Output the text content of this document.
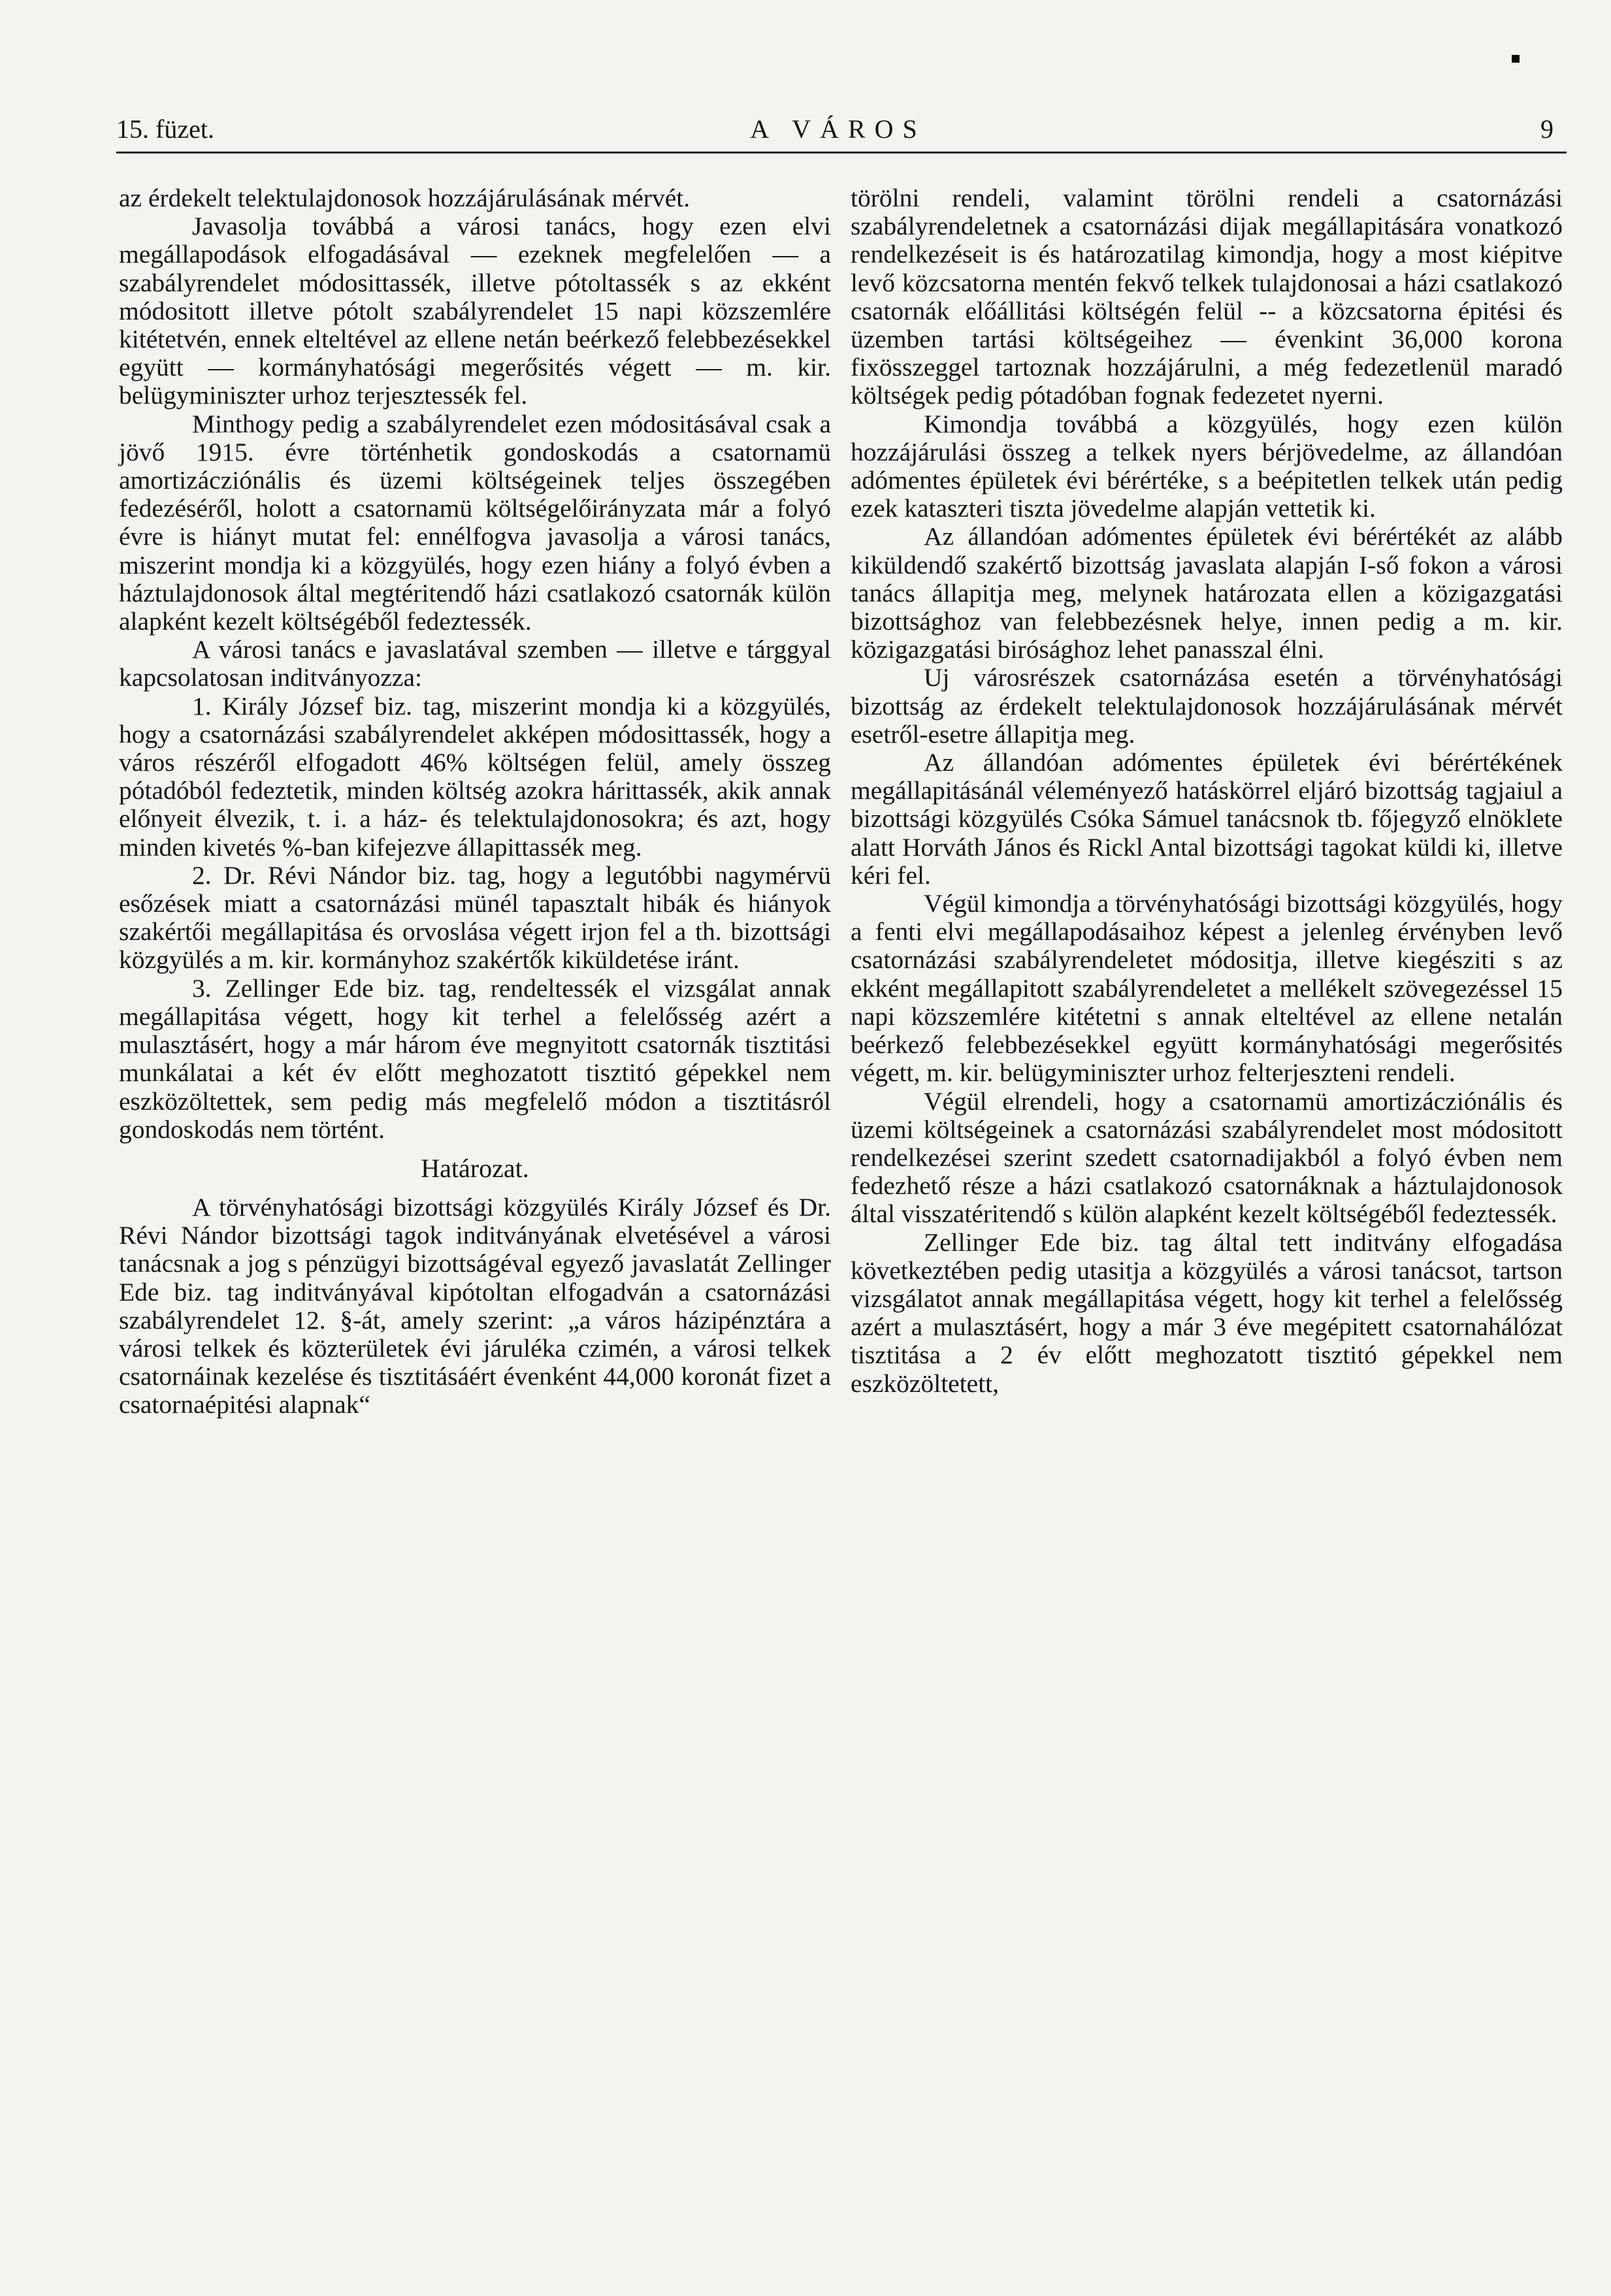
15. füzet.	A VÁROS	9

az érdekelt telektulajdonosok hozzájárulásának mérvét.

Javasolja továbbá a városi tanács, hogy ezen elvi megállapodások elfogadásával — ezeknek megfelelően — a szabályrendelet módosittassék, illetve pótoltassék s az ekként módositott illetve pótolt szabályrendelet 15 napi közszemlére kitétetvén, ennek elteltével az ellene netán beérkező felebbezésekkel együtt — kormányhatósági megerősités végett — m. kir. belügyminiszter urhoz terjesztessék fel.

Minthogy pedig a szabályrendelet ezen módositásával csak a jövő 1915. évre történhetik gondoskodás a csatornamü amortizácziónális és üzemi költségeinek teljes összegében fedezéséről, holott a csatornamü költségelőirányzata már a folyó évre is hiányt mutat fel: ennélfogva javasolja a városi tanács, miszerint mondja ki a közgyülés, hogy ezen hiány a folyó évben a háztulajdonosok által megtéritendő házi csatlakozó csatornák külön alapként kezelt költségéből fedeztessék.

A városi tanács e javaslatával szemben — illetve e tárggyal kapcsolatosan inditványozza:

1. Király József biz. tag, miszerint mondja ki a közgyülés, hogy a csatornázási szabályrendelet akképen módosittassék, hogy a város részéről elfogadott 46% költségen felül, amely összeg pótadóból fedeztetik, minden költség azokra hárittassék, akik annak előnyeit élvezik, t. i. a ház- és telektulajdonosokra; és azt, hogy minden kivetés %-ban kifejezve állapittassék meg.

2. Dr. Révi Nándor biz. tag, hogy a legutóbbi nagymérvü esőzések miatt a csatornázási münél tapasztalt hibák és hiányok szakértői megállapitása és orvoslása végett irjon fel a th. bizottsági közgyülés a m. kir. kormányhoz szakértők kiküldetése iránt.

3. Zellinger Ede biz. tag, rendeltessék el vizsgálat annak megállapitása végett, hogy kit terhel a felelősség azért a mulasztásért, hogy a már három éve megnyitott csatornák tisztitási munkálatai a két év előtt meghozatott tisztitó gépekkel nem eszközöltettek, sem pedig más megfelelő módon a tisztitásról gondoskodás nem történt.

Határozat.

A törvényhatósági bizottsági közgyülés Király József és Dr. Révi Nándor bizottsági tagok inditványának elvetésével a városi tanácsnak a jog s pénzügyi bizottságéval egyező javaslatát Zellinger Ede biz. tag inditványával kipótoltan elfogadván a csatornázási szabályrendelet 12. §-át, amely szerint: „a város házipénztára a városi telkek és közterületek évi járuléka czimén, a városi telkek csatornáinak kezelése és tisztitásáért évenként 44,000 koronát fizet a csatornaépitési alapnak“

törölni rendeli, valamint törölni rendeli a csatornázási szabályrendeletnek a csatornázási dijak megállapitására vonatkozó rendelkezéseit is és határozatilag kimondja, hogy a most kiépitve levő közcsatorna mentén fekvő telkek tulajdonosai a házi csatlakozó csatornák előállitási költségén felül -- a közcsatorna épitési és üzemben tartási költségeihez — évenkint 36,000 korona fixösszeggel tartoznak hozzájárulni, a még fedezetlenül maradó költségek pedig pótadóban fognak fedezetet nyerni.

Kimondja továbbá a közgyülés, hogy ezen külön hozzájárulási összeg a telkek nyers bérjövedelme, az állandóan adómentes épületek évi bérértéke, s a beépitetlen telkek után pedig ezek kataszteri tiszta jövedelme alapján vettetik ki.

Az állandóan adómentes épületek évi bérértékét az alább kiküldendő szakértő bizottság javaslata alapján I-ső fokon a városi tanács állapitja meg, melynek határozata ellen a közigazgatási bizottsághoz van felebbezésnek helye, innen pedig a m. kir. közigazgatási birósághoz lehet panasszal élni.

Uj városrészek csatornázása esetén a törvényhatósági bizottság az érdekelt telektulajdonosok hozzájárulásának mérvét esetről-esetre állapitja meg.

Az állandóan adómentes épületek évi bérértékének megállapitásánál véleményező hatáskörrel eljáró bizottság tagjaiul a bizottsági közgyülés Csóka Sámuel tanácsnok tb. főjegyző elnöklete alatt Horváth János és Rickl Antal bizottsági tagokat küldi ki, illetve kéri fel.

Végül kimondja a törvényhatósági bizottsági közgyülés, hogy a fenti elvi megállapodásaihoz képest a jelenleg érvényben levő csatornázási szabályrendeletet módositja, illetve kiegésziti s az ekként megállapitott szabályrendeletet a mellékelt szövegezéssel 15 napi közszemlére kitétetni s annak elteltével az ellene netalán beérkező felebbezésekkel együtt kormányhatósági megerősités végett, m. kir. belügyminiszter urhoz felterjeszteni rendeli.

Végül elrendeli, hogy a csatornamü amortizácziónális és üzemi költségeinek a csatornázási szabályrendelet most módositott rendelkezései szerint szedett csatornadijakból a folyó évben nem fedezhető része a házi csatlakozó csatornáknak a háztulajdonosok által visszatéritendő s külön alapként kezelt költségéből fedeztessék.

Zellinger Ede biz. tag által tett inditvány elfogadása következtében pedig utasitja a közgyülés a városi tanácsot, tartson vizsgálatot annak megállapitása végett, hogy kit terhel a felelősség azért a mulasztásért, hogy a már 3 éve megépitett csatornahálózat tisztitása a 2 év előtt meghozatott tisztitó gépekkel nem eszközöltetett,
